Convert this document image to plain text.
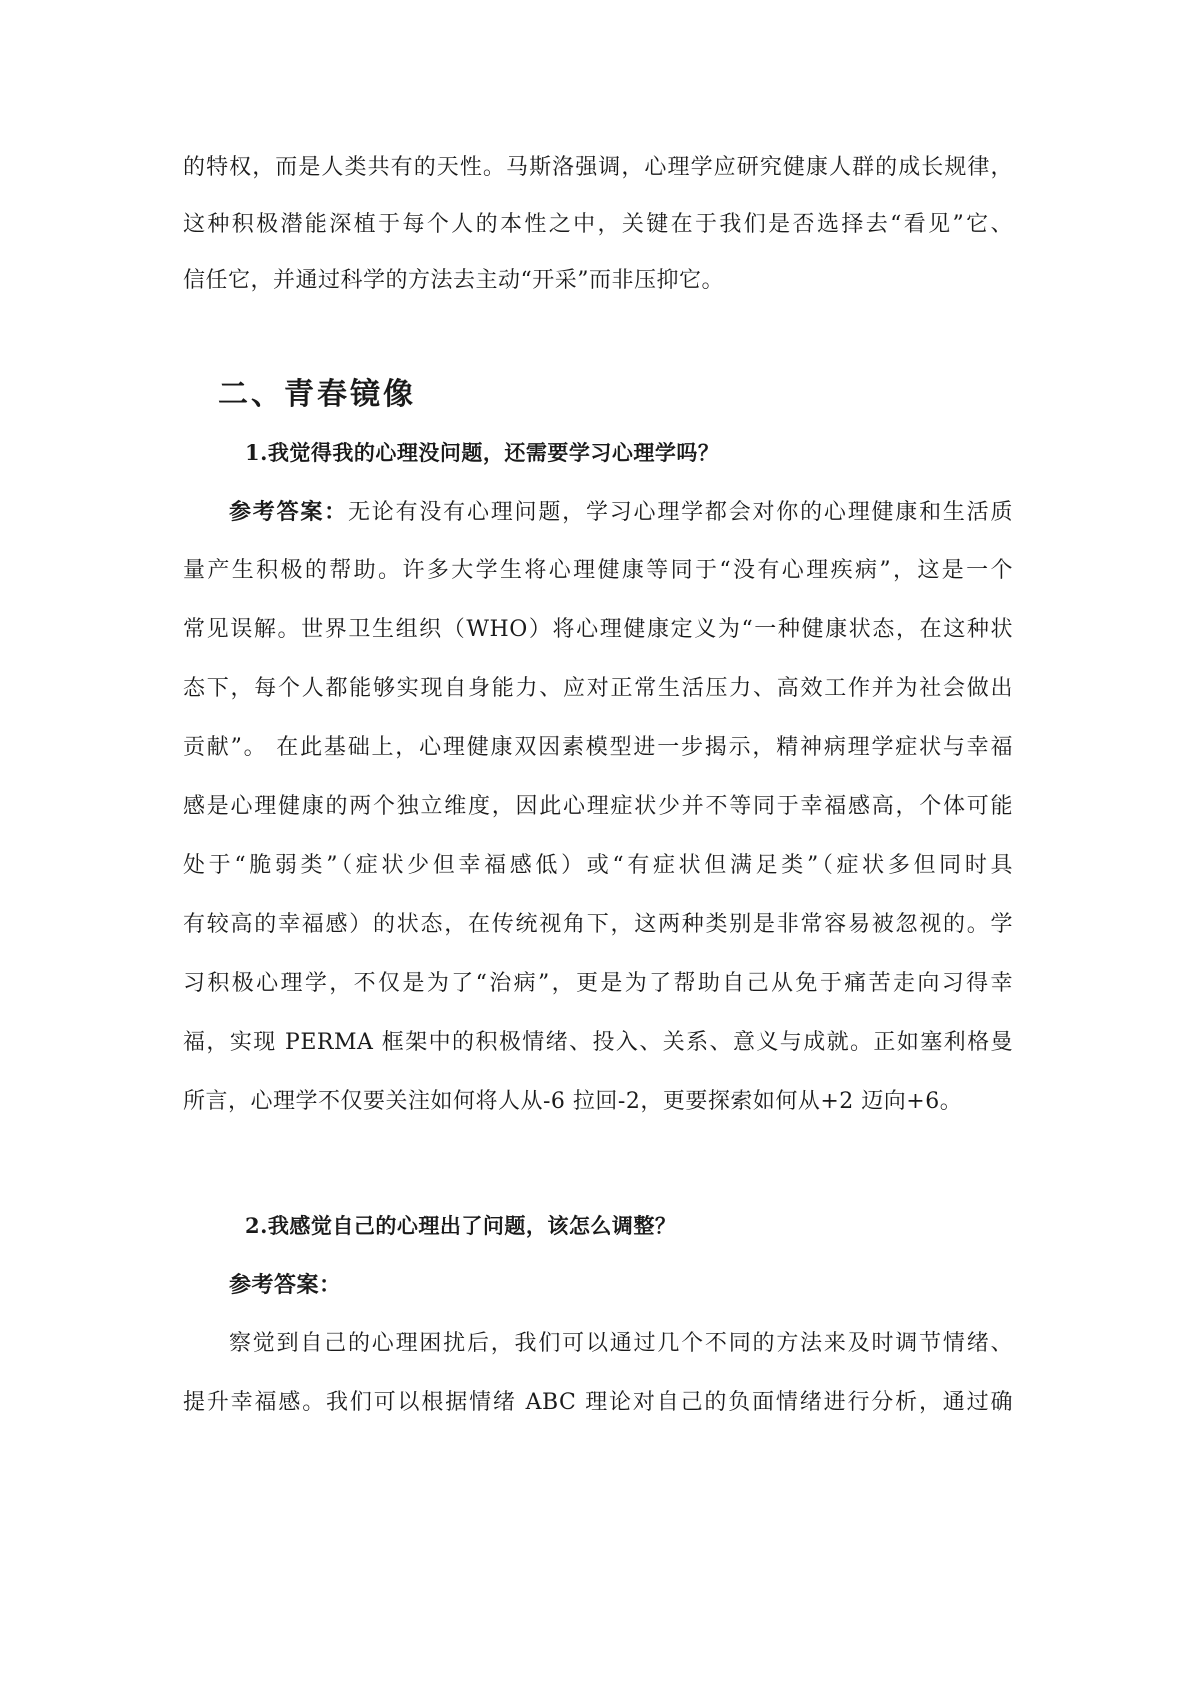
的特权，而是人类共有的天性。马斯洛强调，心理学应研究健康人群的成长规律，
这种积极潜能深植于每个人的本性之中，关键在于我们是否选择去“看见”它、
信任它，并通过科学的方法去主动“开采”而非压抑它。
二、青春镜像
1.我觉得我的心理没问题，还需要学习心理学吗？
参考答案：无论有没有心理问题，学习心理学都会对你的心理健康和生活质
量产生积极的帮助。许多大学生将心理健康等同于“没有心理疾病”，这是一个
常见误解。世界卫生组织（WHO）将心理健康定义为“一种健康状态，在这种状
态下，每个人都能够实现自身能力、应对正常生活压力、高效工作并为社会做出
贡献”。 在此基础上，心理健康双因素模型进一步揭示，精神病理学症状与幸福
感是心理健康的两个独立维度，因此心理症状少并不等同于幸福感高，个体可能
处于“脆弱类”（症状少但幸福感低）或“有症状但满足类”（症状多但同时具
有较高的幸福感）的状态，在传统视角下，这两种类别是非常容易被忽视的。学
习积极心理学，不仅是为了“治病”，更是为了帮助自己从免于痛苦走向习得幸
福，实现 PERMA 框架中的积极情绪、投入、关系、意义与成就。正如塞利格曼
所言，心理学不仅要关注如何将人从-6 拉回-2，更要探索如何从+2 迈向+6。
2.我感觉自己的心理出了问题，该怎么调整？
参考答案：
察觉到自己的心理困扰后，我们可以通过几个不同的方法来及时调节情绪、
提升幸福感。我们可以根据情绪 ABC 理论对自己的负面情绪进行分析，通过确
